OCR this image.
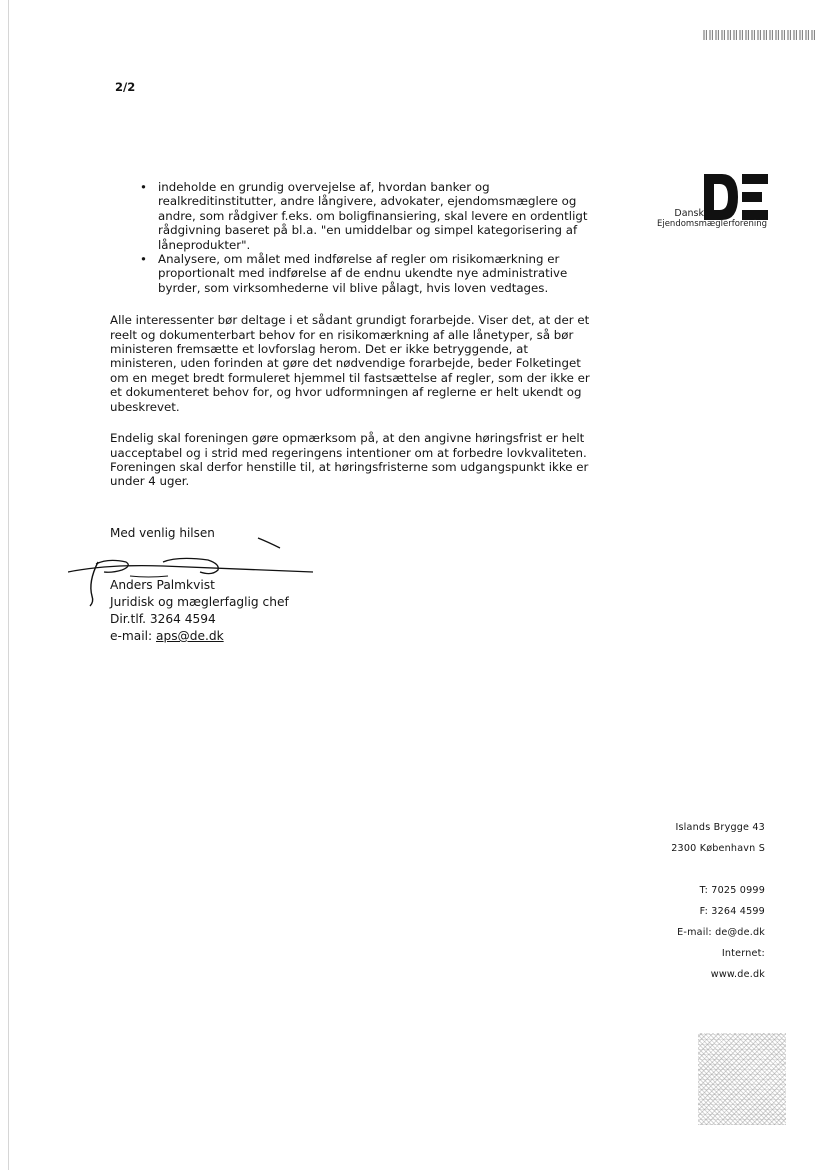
2/2
Dansk
Ejendomsmæglerforening
• indeholde en grundig overvejelse af, hvordan banker og realkreditinstitutter, andre långivere, advokater, ejendomsmæglere og andre, som rådgiver f.eks. om boligfinansiering, skal levere en ordentligt rådgivning baseret på bl.a. "en umiddelbar og simpel kategorisering af låneprodukter".
• Analysere, om målet med indførelse af regler om risikomærkning er proportionalt med indførelse af de endnu ukendte nye administrative byrder, som virksomhederne vil blive pålagt, hvis loven vedtages.

Alle interessenter bør deltage i et sådant grundigt forarbejde. Viser det, at der et reelt og dokumenterbart behov for en risikomærkning af alle lånetyper, så bør ministeren fremsætte et lovforslag herom. Det er ikke betryggende, at ministeren, uden forinden at gøre det nødvendige forarbejde, beder Folketinget om en meget bredt formuleret hjemmel til fastsættelse af regler, som der ikke er et dokumenteret behov for, og hvor udformningen af reglerne er helt ukendt og ubeskrevet.

Endelig skal foreningen gøre opmærksom på, at den angivne høringsfrist er helt uacceptabel og i strid med regeringens intentioner om at forbedre lovkvaliteten. Foreningen skal derfor henstille til, at høringsfristerne som udgangspunkt ikke er under 4 uger.

Med venlig hilsen
Anders Palmkvist
Juridisk og mæglerfaglig chef
Dir.tlf. 3264 4594
e-mail: aps@de.dk
Islands Brygge 43
2300 København S
T: 7025 0999
F: 3264 4599
E-mail: de@de.dk
Internet:
www.de.dk
